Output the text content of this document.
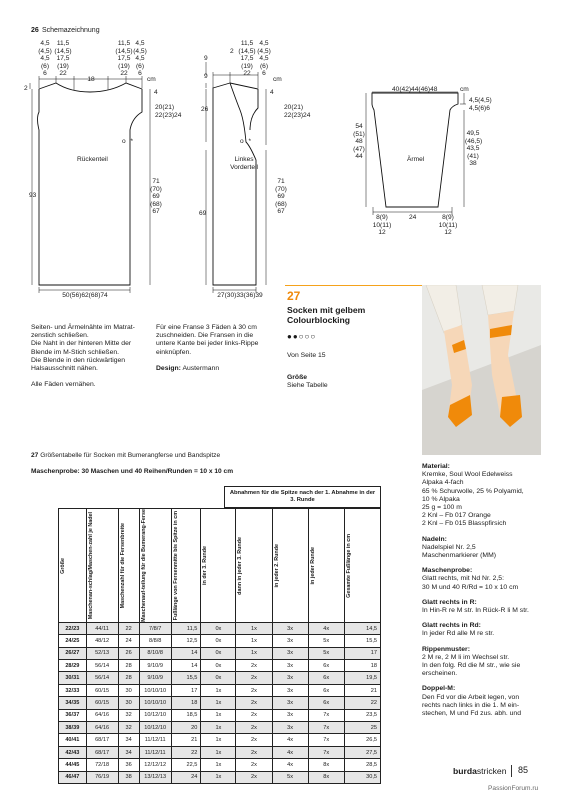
26 Schemazeichnung
4,5
(4,5)
4,5
(6)
6
11,5
(14,5)
17,5
(19)
22
18
11,5
(14,5)
17,5
(19)
22
4,5
(4,5)
4,5
(6)
6
cm
2
4
20(21)
22(23)24
o *
Rückenteil
71
(70)
69
(68)
67
93
50(56)62(68)74
2
11,5
(14,5)
17,5
(19)
22
4,5
(4,5)
4,5
(6)
6
cm
9
9
4
26	20(21)
22(23)24
o *
Linkes
Vorderteil
71
(70)
69
(68)
67
69
27(30)33(36)39
40(42)44(46)48	cm
4,5(4,5)
4,5(6)6
54
(51)
48
(47)
44
49,5
(46,5)
43,5
(41)
38
Ärmel
8(9)
10(11)
12
24	8(9)
10(11)
12
Seiten- und Ärmelnähte im Matrat-zenstich schließen.
Die Naht in der hinteren Mitte der Blende im M-Stich schließen.
Die Blende in den rückwärtigen Halsausschnitt nähen.
Alle Fäden vernähen.
Für eine Franse 3 Fäden à 30 cm zuschneiden. Die Fransen in die untere Kante bei jeder links-Rippe einknüpfen.
Design: Austermann
27
Socken mit gelbem Colourblocking
●●○○○
Von Seite 15
Größe
Siehe Tabelle
27 Größentabelle für Socken mit Bumerangferse und Bandspitze
Maschenprobe: 30 Maschen und 40 Reihen/Runden = 10 x 10 cm
Abnahmen für die Spitze nach der 1. Abnahme in der 3. Runde
Größe	Maschenan-schlag/Maschen-zahl je Nadel	Maschenzahl für die Fersenbreite	Maschenauf-teilung für die Bumerang-Ferse	Fußlänge von Fersenmitte bis Spitze in cm	in der 3. Runde	dann in jeder 3. Runde	in jeder 2. Runde	in jeder Runde	Gesamte Fußlänge in cm

22/23	44/11	22	7/8/7	11,5	0x	1x	3x	4x	14,5
24/25	48/12	24	8/8/8	12,5	0x	1x	3x	5x	15,5
26/27	52/13	26	8/10/8	14	0x	1x	3x	5x	17
28/29	56/14	28	9/10/9	14	0x	2x	3x	6x	18
30/31	56/14	28	9/10/9	15,5	0x	2x	3x	6x	19,5
32/33	60/15	30	10/10/10	17	1x	2x	3x	6x	21
34/35	60/15	30	10/10/10	18	1x	2x	3x	6x	22
36/37	64/16	32	10/12/10	18,5	1x	2x	3x	7x	23,5
38/39	64/16	32	10/12/10	20	1x	2x	3x	7x	25
40/41	68/17	34	11/12/11	21	1x	2x	4x	7x	26,5
42/43	68/17	34	11/12/11	22	1x	2x	4x	7x	27,5
44/45	72/18	36	12/12/12	22,5	1x	2x	4x	8x	28,5
46/47	76/19	38	13/12/13	24	1x	2x	5x	8x	30,5
Material:
Kremke, Soul Wool Edelweiss
Alpaka 4-fach
65 % Schurwolle, 25 % Polyamid,
10 % Alpaka
25 g = 100 m
2 Knl – Fb 017 Orange
2 Knl – Fb 015 Blasspfirsich
Nadeln:
Nadelspiel Nr. 2,5
Maschenmarkierer (MM)
Maschenprobe:
Glatt rechts, mit Nd Nr. 2,5:
30 M und 40 R/Rd = 10 x 10 cm
Glatt rechts in R:
In Hin-R re M str. In Rück-R li M str.
Glatt rechts in Rd:
In jeder Rd alle M re str.
Rippenmuster:
2 M re, 2 M li im Wechsel str.
In den folg. Rd die M str., wie sie
erscheinen.
Doppel-M:
Den Fd vor die Arbeit legen, von
rechts nach links in die 1. M ein-
stechen, M und Fd zus. abh. und
burdastricken 85
PassionForum.ru
